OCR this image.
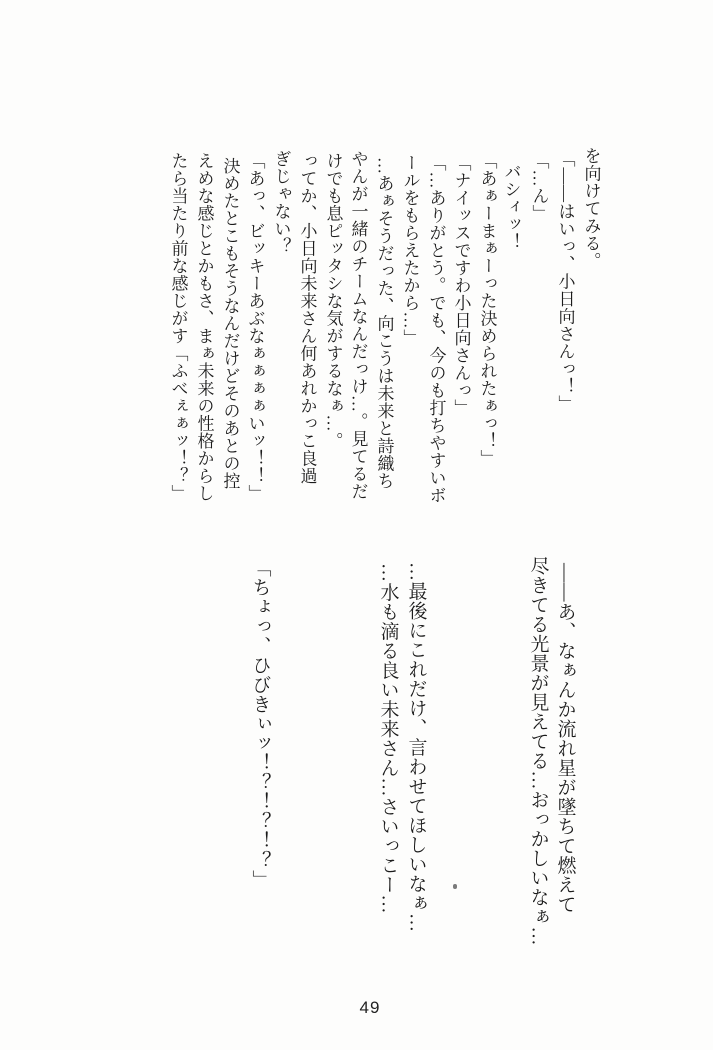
を向けてみる。
「――はいっ、小日向さんっ！」
「…ん」
バシィッ！
「あぁーまぁーった決められたぁっ！」
「ナイッスですわ小日向さんっ」
「…ありがとう。でも、今のも打ちやすいボ
ールをもらえたから…」
…あぁそうだった、向こうは未来と詩織ち
やんが一緒のチームなんだっけ…。見てるだ
けでも息ピッタシな気がするなぁ…。
ってか、小日向未来さん何あれかっこ良過
ぎじゃない？
「あっ、ビッキーあぶなぁぁぁぁいッ！！」
決めたとこもそうなんだけどそのあとの控
えめな感じとかもさ、まぁ未来の性格からし
たら当たり前な感じがす「ふべぇぁッ！？」
――あ、なぁんか流れ星が墜ちて燃えて
尽きてる光景が見えてる…おっかしいなぁ…
…最後にこれだけ、言わせてほしいなぁ…
…水も滴る良い未来さん…さいっこー…
「ちょっ、ひびきぃッ！？！？！？」
49
